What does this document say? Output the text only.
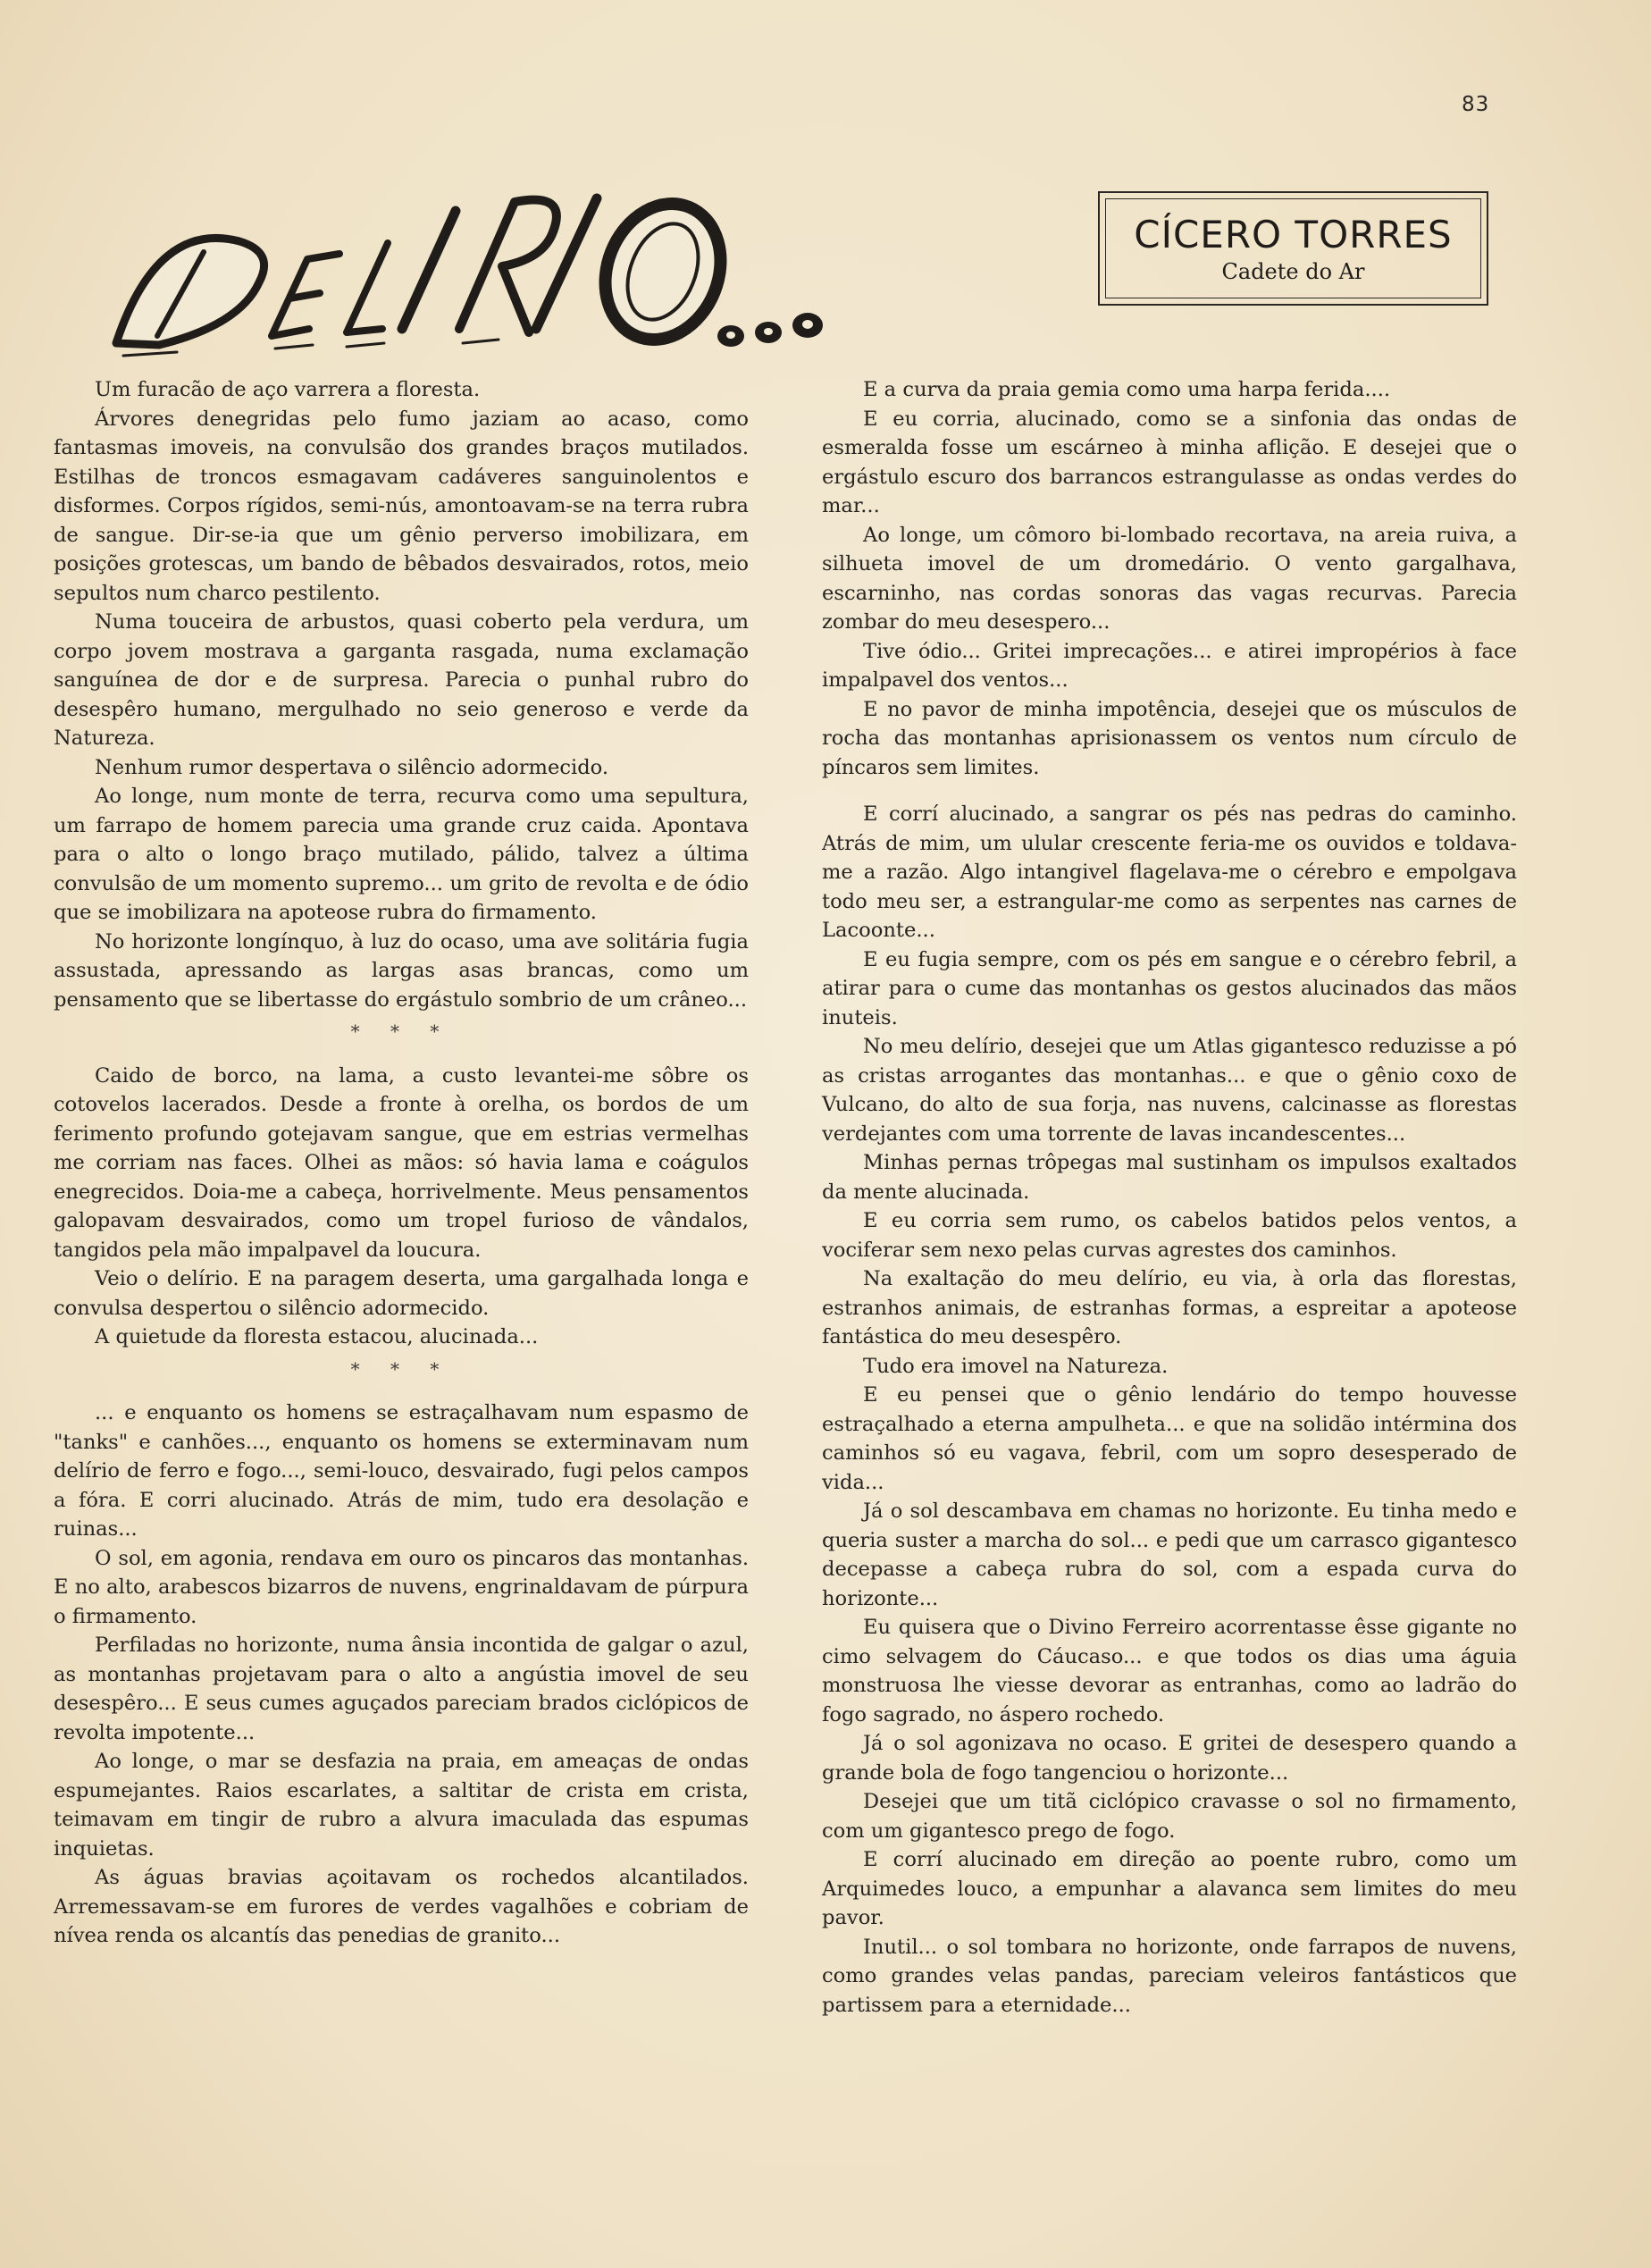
83
DELIRIO...
CÍCERO TORRES
Cadete do Ar

Um furacão de aço varrera a floresta.

Árvores denegridas pelo fumo jaziam ao acaso, como fantasmas imoveis, na convulsão dos grandes braços mutilados. Estilhas de troncos esmagavam cadáveres sanguinolentos e disformes. Corpos rígidos, semi-nús, amontoavam-se na terra rubra de sangue. Dir-se-ia que um gênio perverso imobilizara, em posições grotescas, um bando de bêbados desvairados, rotos, meio sepultos num charco pestilento.

Numa touceira de arbustos, quasi coberto pela verdura, um corpo jovem mostrava a garganta rasgada, numa exclamação sanguínea de dor e de surpresa. Parecia o punhal rubro do desespêro humano, mergulhado no seio generoso e verde da Natureza.

Nenhum rumor despertava o silêncio adormecido.

Ao longe, num monte de terra, recurva como uma sepultura, um farrapo de homem parecia uma grande cruz caida. Apontava para o alto o longo braço mutilado, pálido, talvez a última convulsão de um momento supremo... um grito de revolta e de ódio que se imobilizara na apoteose rubra do firmamento.

No horizonte longínquo, à luz do ocaso, uma ave solitária fugia assustada, apressando as largas asas brancas, como um pensamento que se libertasse do ergástulo sombrio de um crâneo...

* * *

Caido de borco, na lama, a custo levantei-me sôbre os cotovelos lacerados. Desde a fronte à orelha, os bordos de um ferimento profundo gotejavam sangue, que em estrias vermelhas me corriam nas faces. Olhei as mãos: só havia lama e coágulos enegrecidos. Doia-me a cabeça, horrivelmente. Meus pensamentos galopavam desvairados, como um tropel furioso de vândalos, tangidos pela mão impalpavel da loucura.

Veio o delírio. E na paragem deserta, uma gargalhada longa e convulsa despertou o silêncio adormecido.

A quietude da floresta estacou, alucinada...

* * *

... e enquanto os homens se estraçalhavam num espasmo de "tanks" e canhões..., enquanto os homens se exterminavam num delírio de ferro e fogo..., semi-louco, desvairado, fugi pelos campos a fóra. E corri alucinado. Atrás de mim, tudo era desolação e ruinas...

O sol, em agonia, rendava em ouro os pincaros das montanhas. E no alto, arabescos bizarros de nuvens, engrinaldavam de púrpura o firmamento.

Perfiladas no horizonte, numa ânsia incontida de galgar o azul, as montanhas projetavam para o alto a angústia imovel de seu desespêro... E seus cumes aguçados pareciam brados ciclópicos de revolta impotente...

Ao longe, o mar se desfazia na praia, em ameaças de ondas espumejantes. Raios escarlates, a saltitar de crista em crista, teimavam em tingir de rubro a alvura imaculada das espumas inquietas.

As águas bravias açoitavam os rochedos alcantilados. Arremessavam-se em furores de verdes vagalhões e cobriam de nívea renda os alcantís das penedias de granito...

E a curva da praia gemia como uma harpa ferida....

E eu corria, alucinado, como se a sinfonia das ondas de esmeralda fosse um escárneo à minha aflição. E desejei que o ergástulo escuro dos barrancos estrangulasse as ondas verdes do mar...

Ao longe, um cômoro bi-lombado recortava, na areia ruiva, a silhueta imovel de um dromedário. O vento gargalhava, escarninho, nas cordas sonoras das vagas recurvas. Parecia zombar do meu desespero...

Tive ódio... Gritei imprecações... e atirei impropérios à face impalpavel dos ventos...

E no pavor de minha impotência, desejei que os músculos de rocha das montanhas aprisionassem os ventos num círculo de píncaros sem limites.

E corrí alucinado, a sangrar os pés nas pedras do caminho. Atrás de mim, um ulular crescente feria-me os ouvidos e toldava-me a razão. Algo intangivel flagelava-me o cérebro e empolgava todo meu ser, a estrangular-me como as serpentes nas carnes de Lacoonte...

E eu fugia sempre, com os pés em sangue e o cérebro febril, a atirar para o cume das montanhas os gestos alucinados das mãos inuteis.

No meu delírio, desejei que um Atlas gigantesco reduzisse a pó as cristas arrogantes das montanhas... e que o gênio coxo de Vulcano, do alto de sua forja, nas nuvens, calcinasse as florestas verdejantes com uma torrente de lavas incandescentes...

Minhas pernas trôpegas mal sustinham os impulsos exaltados da mente alucinada.

E eu corria sem rumo, os cabelos batidos pelos ventos, a vociferar sem nexo pelas curvas agrestes dos caminhos.

Na exaltação do meu delírio, eu via, à orla das florestas, estranhos animais, de estranhas formas, a espreitar a apoteose fantástica do meu desespêro.

Tudo era imovel na Natureza.

E eu pensei que o gênio lendário do tempo houvesse estraçalhado a eterna ampulheta... e que na solidão intérmina dos caminhos só eu vagava, febril, com um sopro desesperado de vida...

Já o sol descambava em chamas no horizonte. Eu tinha medo e queria suster a marcha do sol... e pedi que um carrasco gigantesco decepasse a cabeça rubra do sol, com a espada curva do horizonte...

Eu quisera que o Divino Ferreiro acorrentasse êsse gigante no cimo selvagem do Cáucaso... e que todos os dias uma águia monstruosa lhe viesse devorar as entranhas, como ao ladrão do fogo sagrado, no áspero rochedo.

Já o sol agonizava no ocaso. E gritei de desespero quando a grande bola de fogo tangenciou o horizonte...

Desejei que um titã ciclópico cravasse o sol no firmamento, com um gigantesco prego de fogo.

E corrí alucinado em direção ao poente rubro, como um Arquimedes louco, a empunhar a alavanca sem limites do meu pavor.

Inutil... o sol tombara no horizonte, onde farrapos de nuvens, como grandes velas pandas, pareciam veleiros fantásticos que partissem para a eternidade...
